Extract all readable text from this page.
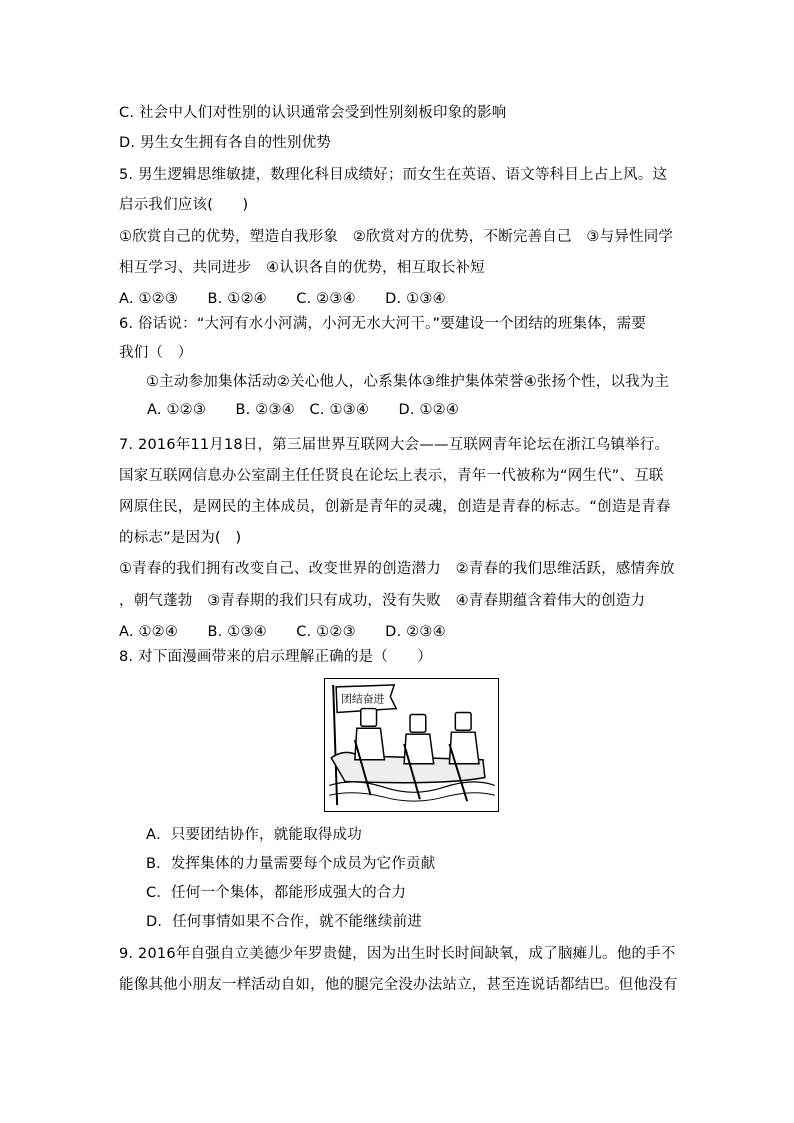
C. 社会中人们对性别的认识通常会受到性别刻板印象的影响
D. 男生女生拥有各自的性别优势
5. 男生逻辑思维敏捷，数理化科目成绩好；而女生在英语、语文等科目上占上风。这
启示我们应该(　　)
①欣赏自己的优势，塑造自我形象　②欣赏对方的优势，不断完善自己　③与异性同学
相互学习、共同进步　④认识各自的优势，相互取长补短
A. ①②③　　B. ①②④　　C. ②③④　　D. ①③④
6. 俗话说：“大河有水小河满，小河无水大河干。”要建设一个团结的班集体，需要
我们（　）
①主动参加集体活动②关心他人，心系集体③维护集体荣誉④张扬个性，以我为主
A. ①②③　　B. ②③④　C. ①③④　　D. ①②④
7. 2016年11月18日，第三届世界互联网大会——互联网青年论坛在浙江乌镇举行。
国家互联网信息办公室副主任任贤良在论坛上表示，青年一代被称为“网生代”、互联
网原住民，是网民的主体成员，创新是青年的灵魂，创造是青春的标志。“创造是青春
的标志”是因为(　)
①青春的我们拥有改变自己、改变世界的创造潜力　②青春的我们思维活跃，感情奔放
，朝气蓬勃　③青春期的我们只有成功，没有失败　④青春期蕴含着伟大的创造力
A. ①②④　　B. ①③④　　C. ①②③　　D. ②③④
8. 对下面漫画带来的启示理解正确的是（　　）
团结奋进
A．只要团结协作，就能取得成功
B．发挥集体的力量需要每个成员为它作贡献
C．任何一个集体，都能形成强大的合力
D．任何事情如果不合作，就不能继续前进
9. 2016年自强自立美德少年罗贵健，因为出生时长时间缺氧，成了脑瘫儿。他的手不
能像其他小朋友一样活动自如，他的腿完全没办法站立，甚至连说话都结巴。但他没有
